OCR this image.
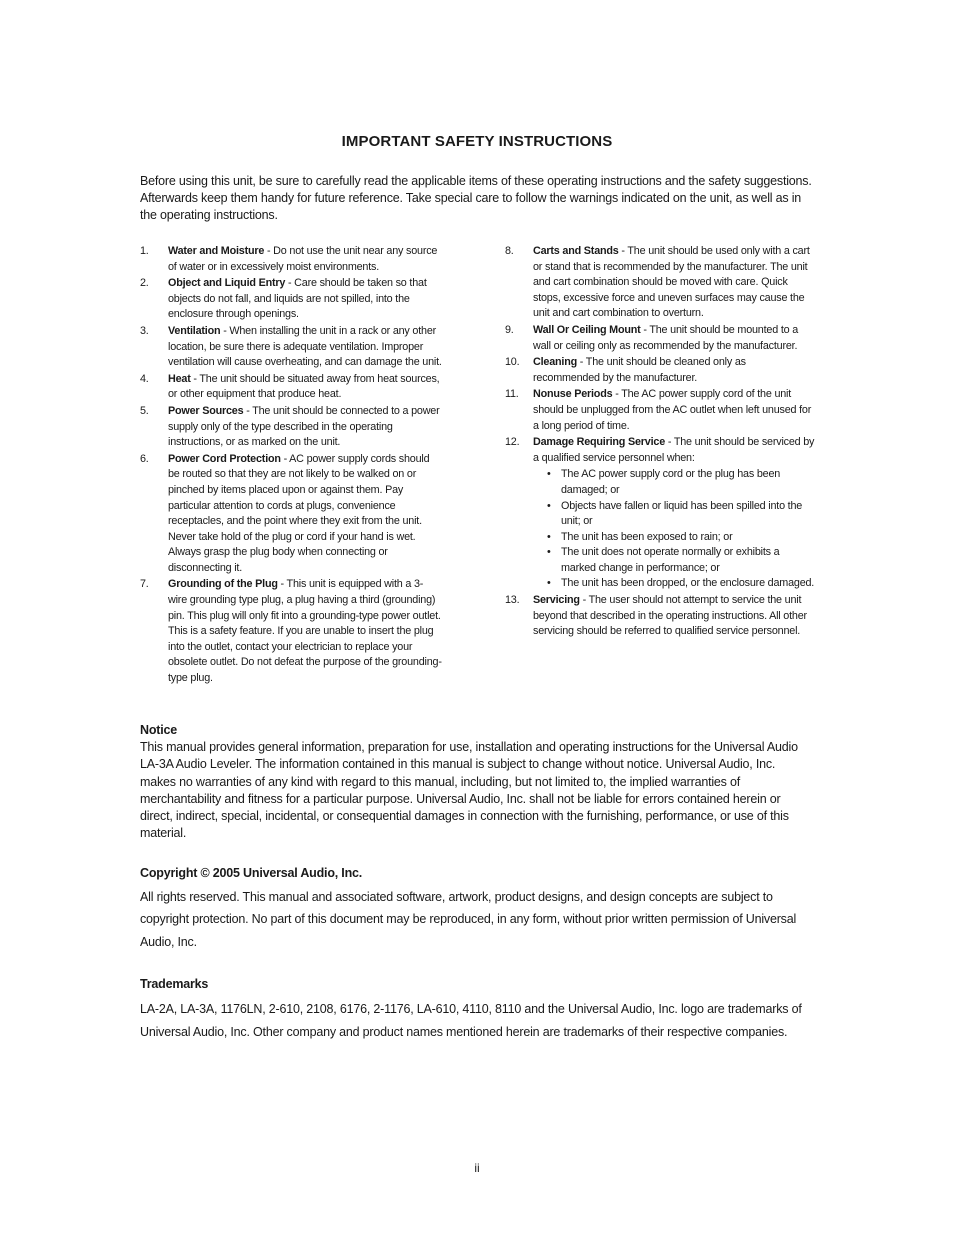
IMPORTANT SAFETY INSTRUCTIONS

Before using this unit, be sure to carefully read the applicable items of these operating instructions and the safety suggestions. Afterwards keep them handy for future reference. Take special care to follow the warnings indicated on the unit, as well as in the operating instructions.

1.	Water and Moisture - Do not use the unit near any source of water or in excessively moist environments.
2.	Object and Liquid Entry - Care should be taken so that objects do not fall, and liquids are not spilled, into the enclosure through openings.
3.	Ventilation - When installing the unit in a rack or any other location, be sure there is adequate ventilation. Improper ventilation will cause overheating, and can damage the unit.
4.	Heat - The unit should be situated away from heat sources, or other equipment that produce heat.
5.	Power Sources - The unit should be connected to a power supply only of the type described in the operating instructions, or as marked on the unit.
6.	Power Cord Protection - AC power supply cords should be routed so that they are not likely to be walked on or pinched by items placed upon or against them. Pay particular attention to cords at plugs, convenience receptacles, and the point where they exit from the unit. Never take hold of the plug or cord if your hand is wet. Always grasp the plug body when connecting or disconnecting it.
7.	Grounding of the Plug - This unit is equipped with a 3-wire grounding type plug, a plug having a third (grounding) pin. This plug will only fit into a grounding-type power outlet. This is a safety feature. If you are unable to insert the plug into the outlet, contact your electrician to replace your obsolete outlet. Do not defeat the purpose of the grounding-type plug.
8.	Carts and Stands - The unit should be used only with a cart or stand that is recommended by the manufacturer. The unit and cart combination should be moved with care. Quick stops, excessive force and uneven surfaces may cause the unit and cart combination to overturn.
9.	Wall Or Ceiling Mount - The unit should be mounted to a wall or ceiling only as recommended by the manufacturer.
10.	Cleaning - The unit should be cleaned only as recommended by the manufacturer.
11.	Nonuse Periods - The AC power supply cord of the unit should be unplugged from the AC outlet when left unused for a long period of time.
12.	Damage Requiring Service - The unit should be serviced by a qualified service personnel when:
• The AC power supply cord or the plug has been damaged; or
• Objects have fallen or liquid has been spilled into the unit; or
• The unit has been exposed to rain; or
• The unit does not operate normally or exhibits a marked change in performance; or
• The unit has been dropped, or the enclosure damaged.
13.	Servicing - The user should not attempt to service the unit beyond that described in the operating instructions. All other servicing should be referred to qualified service personnel.
Notice

This manual provides general information, preparation for use, installation and operating instructions for the Universal Audio LA-3A Audio Leveler. The information contained in this manual is subject to change without notice. Universal Audio, Inc. makes no warranties of any kind with regard to this manual, including, but not limited to, the implied warranties of merchantability and fitness for a particular purpose. Universal Audio, Inc. shall not be liable for errors contained herein or direct, indirect, special, incidental, or consequential damages in connection with the furnishing, performance, or use of this material.

Copyright © 2005 Universal Audio, Inc.

All rights reserved. This manual and associated software, artwork, product designs, and design concepts are subject to copyright protection. No part of this document may be reproduced, in any form, without prior written permission of Universal Audio, Inc.

Trademarks

LA-2A, LA-3A, 1176LN, 2-610, 2108, 6176, 2-1176, LA-610, 4110, 8110 and the Universal Audio, Inc. logo are trademarks of Universal Audio, Inc. Other company and product names mentioned herein are trademarks of their respective companies.

ii
